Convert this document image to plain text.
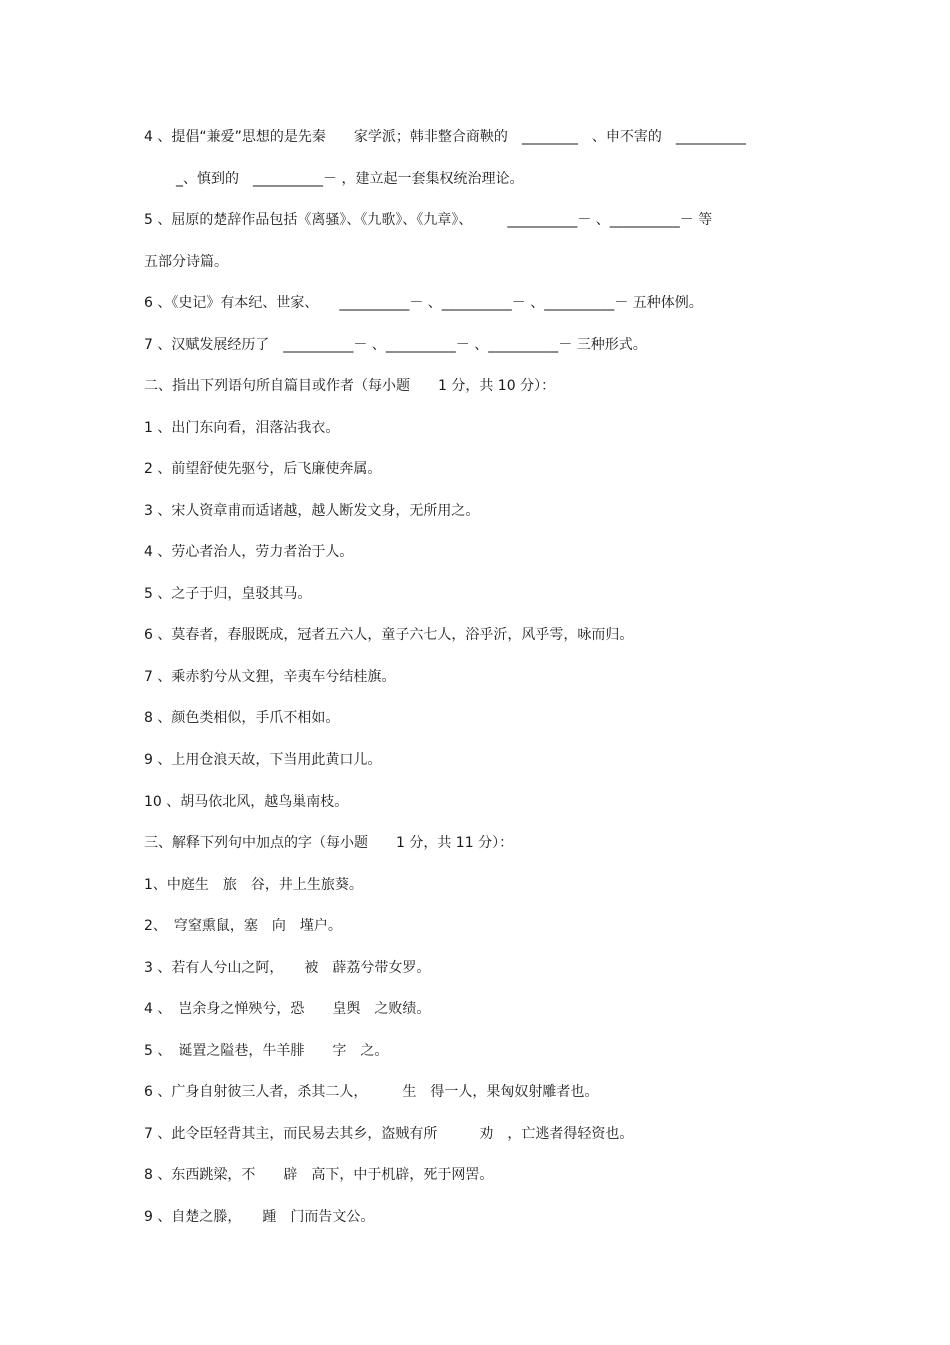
4 、提倡“兼爱”思想的是先秦　　家学派；韩非整合商鞅的　________　、申不害的　__________
_、慎到的　__________－ ，建立起一套集权统治理论。
5 、屈原的楚辞作品包括《离骚》、《九歌》、《九章》、　　　__________－ 、__________－ 等
五部分诗篇。
6 、《史记》有本纪、世家、　　__________－ 、__________－ 、__________－ 五种体例。
7 、汉赋发展经历了　__________－ 、__________－ 、__________－ 三种形式。
二、指出下列语句所自篇目或作者（每小题　　1 分，共 10 分）：
1 、出门东向看，泪落沾我衣。
2 、前望舒使先驱兮，后飞廉使奔属。
3 、宋人资章甫而适诸越，越人断发文身，无所用之。
4 、劳心者治人，劳力者治于人。
5 、之子于归，皇驳其马。
6 、莫春者，春服既成，冠者五六人，童子六七人，浴乎沂，风乎雩，咏而归。
7 、乘赤豹兮从文狸，辛夷车兮结桂旗。
8 、颜色类相似，手爪不相如。
9 、上用仓浪天故，下当用此黄口儿。
10 、胡马依北风，越鸟巢南枝。
三、解释下列句中加点的字（每小题　　1 分，共 11 分）：
1、中庭生　旅　谷，井上生旅葵。
2、　穹窒熏鼠，塞　向　墐户。
3 、若有人兮山之阿，　　被　薜荔兮带女罗。
4 、　岂余身之惮殃兮，恐　　皇舆　之败绩。
5 、　诞置之隘巷，牛羊腓　　字　之。
6 、广身自射彼三人者，杀其二人，　　　生　得一人，果匈奴射雕者也。
7 、此令臣轻背其主，而民易去其乡，盗贼有所　　　劝　，亡逃者得轻资也。
8 、东西跳梁，不　　辟　高下，中于机辟，死于网罟。
9 、自楚之滕，　　踵　门而告文公。
